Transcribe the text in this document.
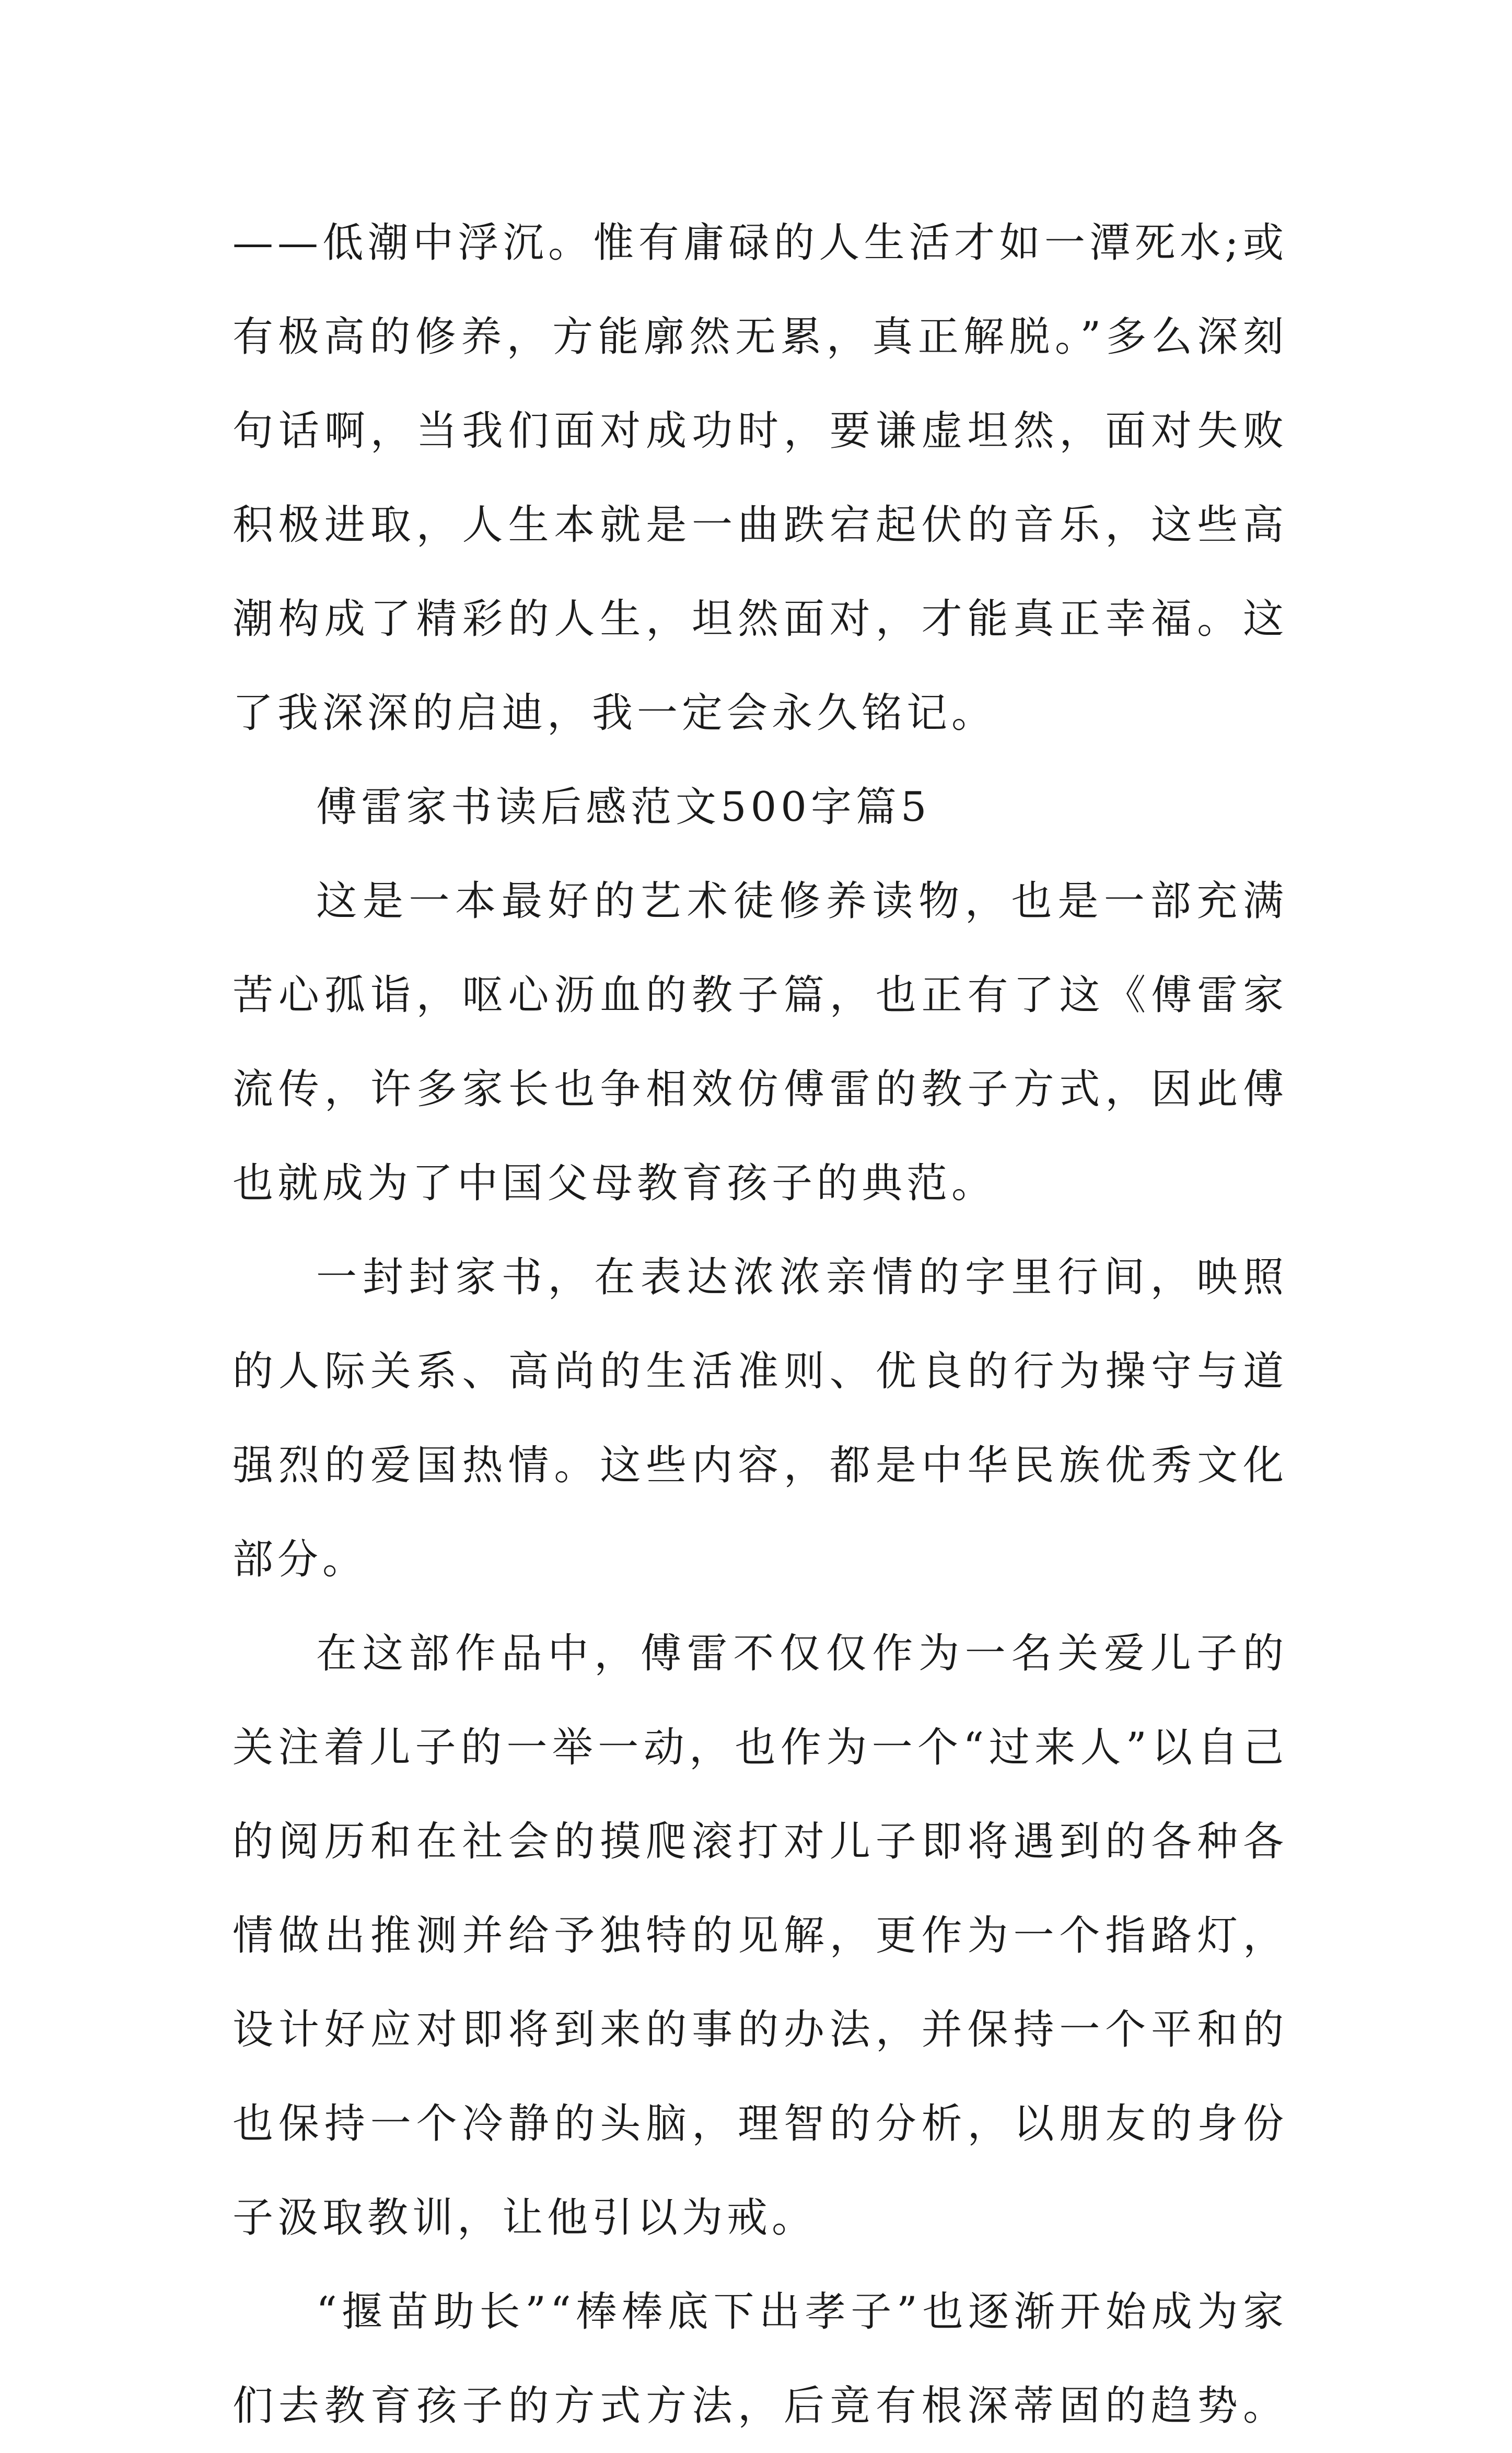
——低潮中浮沉。惟有庸碌的人生活才如一潭死水;或
有极高的修养，方能廓然无累，真正解脱。”多么深刻
句话啊，当我们面对成功时，要谦虚坦然，面对失败
积极进取，人生本就是一曲跌宕起伏的音乐，这些高
潮构成了精彩的人生，坦然面对，才能真正幸福。这
了我深深的启迪，我一定会永久铭记。
傅雷家书读后感范文500字篇5
这是一本最好的艺术徒修养读物，也是一部充满
苦心孤诣，呕心沥血的教子篇，也正有了这《傅雷家
流传，许多家长也争相效仿傅雷的教子方式，因此傅
也就成为了中国父母教育孩子的典范。
一封封家书，在表达浓浓亲情的字里行间，映照
的人际关系、高尚的生活准则、优良的行为操守与道
强烈的爱国热情。这些内容，都是中华民族优秀文化
部分。
在这部作品中，傅雷不仅仅作为一名关爱儿子的
关注着儿子的一举一动，也作为一个“过来人”以自己
的阅历和在社会的摸爬滚打对儿子即将遇到的各种各
情做出推测并给予独特的见解，更作为一个指路灯，
设计好应对即将到来的事的办法，并保持一个平和的
也保持一个冷静的头脑，理智的分析，以朋友的身份
子汲取教训，让他引以为戒。
“揠苗助长”“棒棒底下出孝子”也逐渐开始成为家
们去教育孩子的方式方法，后竟有根深蒂固的趋势。
